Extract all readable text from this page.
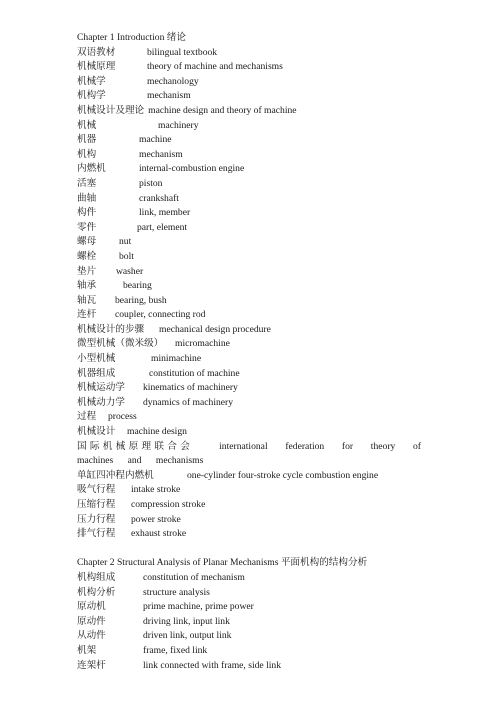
Chapter 1 Introduction 绪论
双语教材	bilingual textbook
机械原理	theory of machine and mechanisms
机械学	mechanology
机构学	mechanism
机械设计及理论 machine design and theory of machine
机械	machinery
机器	machine
机构	mechanism
内燃机	internal-combustion engine
活塞	piston
曲轴	crankshaft
构件	link, member
零件	part, element
螺母 nut
螺栓 bolt
垫片 washer
轴承	bearing
轴瓦 bearing, bush
连杆 coupler, connecting rod
机械设计的步骤 mechanical design procedure
微型机械（微米级） micromachine
小型机械	minimachine
机器组成	constitution of machine
机械运动学 kinematics of machinery
机械动力学 dynamics of machinery
过程 process
机械设计 machine design
国际机械原理联合会	international federation for theory of machines and mechanisms
单缸四冲程内燃机	one-cylinder four-stroke cycle combustion engine
吸气行程 intake stroke
压缩行程 compression stroke
压力行程 power stroke
排气行程 exhaust stroke
Chapter 2 Structural Analysis of Planar Mechanisms 平面机构的结构分析
机构组成	constitution of mechanism
机构分析	structure analysis
原动机	prime machine, prime power
原动件	driving link, input link
从动件	driven link, output link
机架	frame, fixed link
连架杆	link connected with frame, side link
